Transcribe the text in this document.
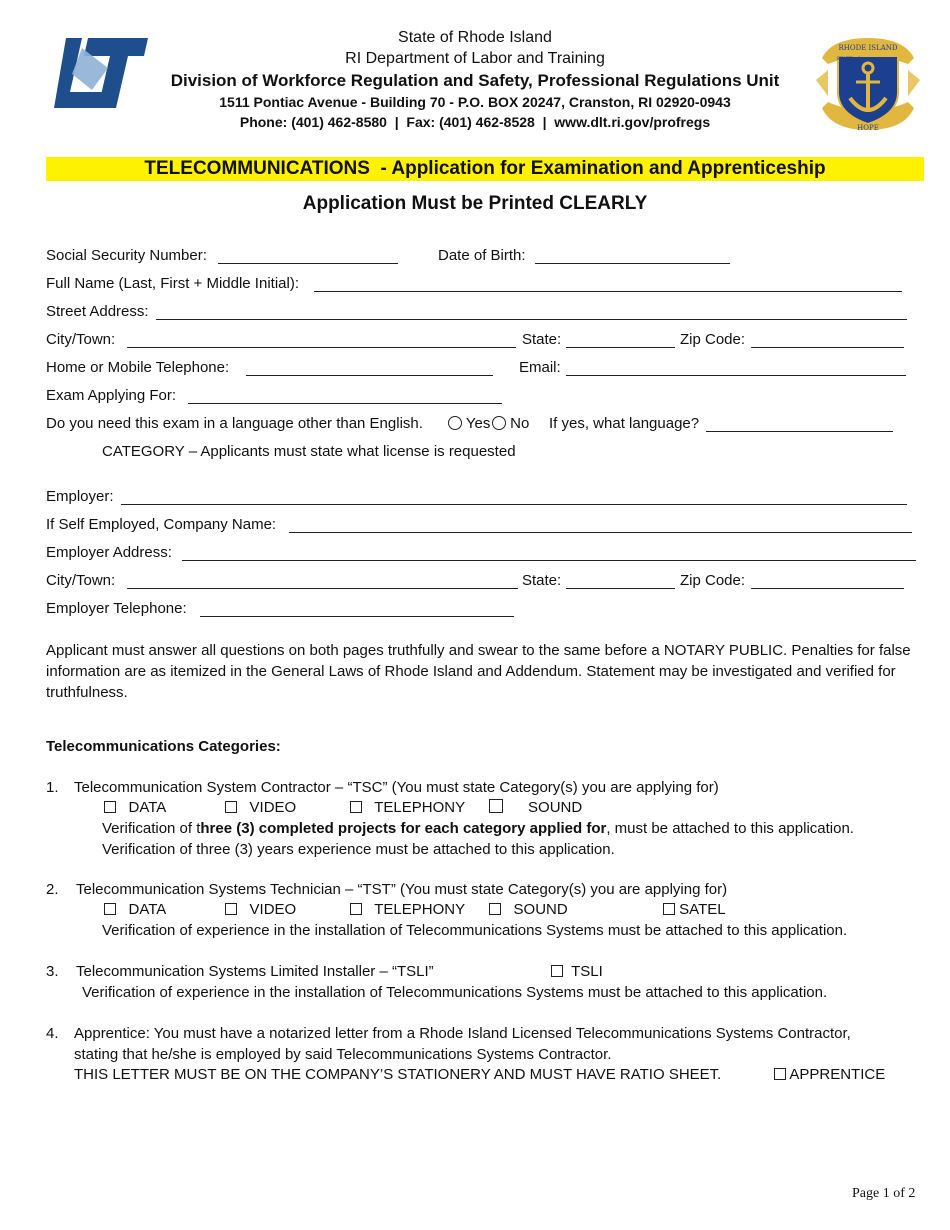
RHODE ISLAND
STATE of
HOPE
State of Rhode Island
RI Department of Labor and Training
Division of Workforce Regulation and Safety, Professional Regulations Unit
1511 Pontiac Avenue - Building 70 - P.O. BOX 20247, Cranston, RI 02920-0943
Phone: (401) 462-8580  |  Fax: (401) 462-8528  |  www.dlt.ri.gov/profregs
TELECOMMUNICATIONS  - Application for Examination and Apprenticeship
Application Must be Printed CLEARLY
Social Security Number:	Date of Birth:
Full Name (Last, First + Middle Initial):
Street Address:
City/Town:	State:	Zip Code:
Home or Mobile Telephone:	Email:
Exam Applying For:
Do you need this exam in a language other than English.	Yes	No If yes, what language?
CATEGORY – Applicants must state what license is requested
Employer:
If Self Employed, Company Name:
Employer Address:
City/Town:	State:	Zip Code:
Employer Telephone:
Applicant must answer all questions on both pages truthfully and swear to the same before a NOTARY PUBLIC. Penalties for false information are as itemized in the General Laws of Rhode Island and Addendum. Statement may be investigated and verified for truthfulness.
Telecommunications Categories:
1. Telecommunication System Contractor – “TSC” (You must state Category(s) you are applying for)
DATA	VIDEO	TELEPHONY	SOUND
Verification of three (3) completed projects for each category applied for, must be attached to this application.
Verification of three (3) years experience must be attached to this application.
2. Telecommunication Systems Technician – “TST” (You must state Category(s) you are applying for)
DATA	VIDEO	TELEPHONY	SOUND	SATEL
Verification of experience in the installation of Telecommunications Systems must be attached to this application.
3. Telecommunication Systems Limited Installer – “TSLI”	TSLI
Verification of experience in the installation of Telecommunications Systems must be attached to this application.
4. Apprentice: You must have a notarized letter from a Rhode Island Licensed Telecommunications Systems Contractor,
stating that he/she is employed by said Telecommunications Systems Contractor.
THIS LETTER MUST BE ON THE COMPANY’S STATIONERY AND MUST HAVE RATIO SHEET.	APPRENTICE
Page 1 of 2
